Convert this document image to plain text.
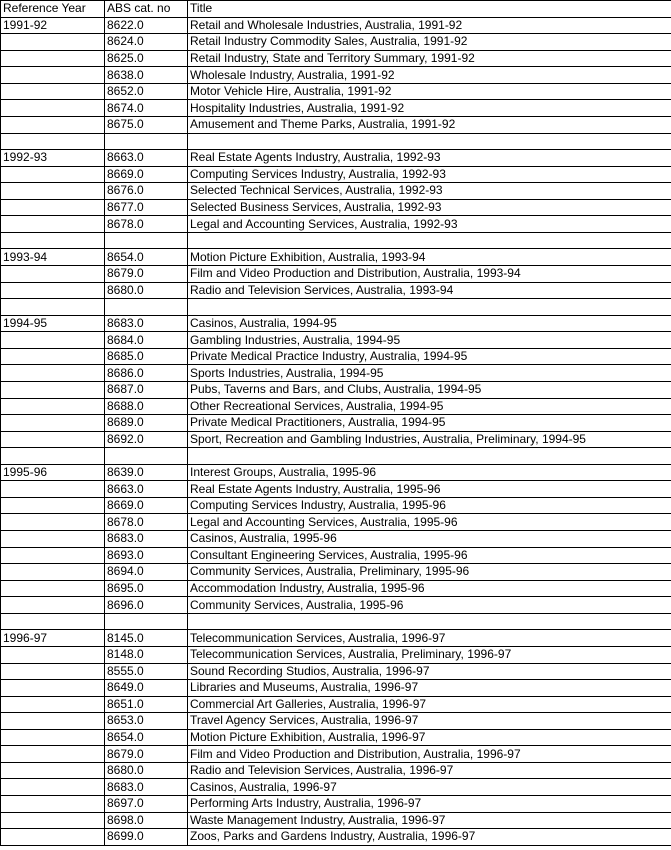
Reference Year	ABS cat. no	Title
1991-92	8622.0	Retail and Wholesale Industries, Australia, 1991-92
	8624.0	Retail Industry Commodity Sales, Australia, 1991-92
	8625.0	Retail Industry, State and Territory Summary, 1991-92
	8638.0	Wholesale Industry, Australia, 1991-92
	8652.0	Motor Vehicle Hire, Australia, 1991-92
	8674.0	Hospitality Industries, Australia, 1991-92
	8675.0	Amusement and Theme Parks, Australia, 1991-92

1992-93	8663.0	Real Estate Agents Industry, Australia, 1992-93
	8669.0	Computing Services Industry, Australia, 1992-93
	8676.0	Selected Technical Services, Australia, 1992-93
	8677.0	Selected Business Services, Australia, 1992-93
	8678.0	Legal and Accounting Services, Australia, 1992-93

1993-94	8654.0	Motion Picture Exhibition, Australia, 1993-94
	8679.0	Film and Video Production and Distribution, Australia, 1993-94
	8680.0	Radio and Television Services, Australia, 1993-94

1994-95	8683.0	Casinos, Australia, 1994-95
	8684.0	Gambling Industries, Australia, 1994-95
	8685.0	Private Medical Practice Industry, Australia, 1994-95
	8686.0	Sports Industries, Australia, 1994-95
	8687.0	Pubs, Taverns and Bars, and Clubs, Australia, 1994-95
	8688.0	Other Recreational Services, Australia, 1994-95
	8689.0	Private Medical Practitioners, Australia, 1994-95
	8692.0	Sport, Recreation and Gambling Industries, Australia, Preliminary, 1994-95

1995-96	8639.0	Interest Groups, Australia, 1995-96
	8663.0	Real Estate Agents Industry, Australia, 1995-96
	8669.0	Computing Services Industry, Australia, 1995-96
	8678.0	Legal and Accounting Services, Australia, 1995-96
	8683.0	Casinos, Australia, 1995-96
	8693.0	Consultant Engineering Services, Australia, 1995-96
	8694.0	Community Services, Australia, Preliminary, 1995-96
	8695.0	Accommodation Industry, Australia, 1995-96
	8696.0	Community Services, Australia, 1995-96

1996-97	8145.0	Telecommunication Services, Australia, 1996-97
	8148.0	Telecommunication Services, Australia, Preliminary, 1996-97
	8555.0	Sound Recording Studios, Australia, 1996-97
	8649.0	Libraries and Museums, Australia, 1996-97
	8651.0	Commercial Art Galleries, Australia, 1996-97
	8653.0	Travel Agency Services, Australia, 1996-97
	8654.0	Motion Picture Exhibition, Australia, 1996-97
	8679.0	Film and Video Production and Distribution, Australia, 1996-97
	8680.0	Radio and Television Services, Australia, 1996-97
	8683.0	Casinos, Australia, 1996-97
	8697.0	Performing Arts Industry, Australia, 1996-97
	8698.0	Waste Management Industry, Australia, 1996-97
	8699.0	Zoos, Parks and Gardens Industry, Australia, 1996-97
